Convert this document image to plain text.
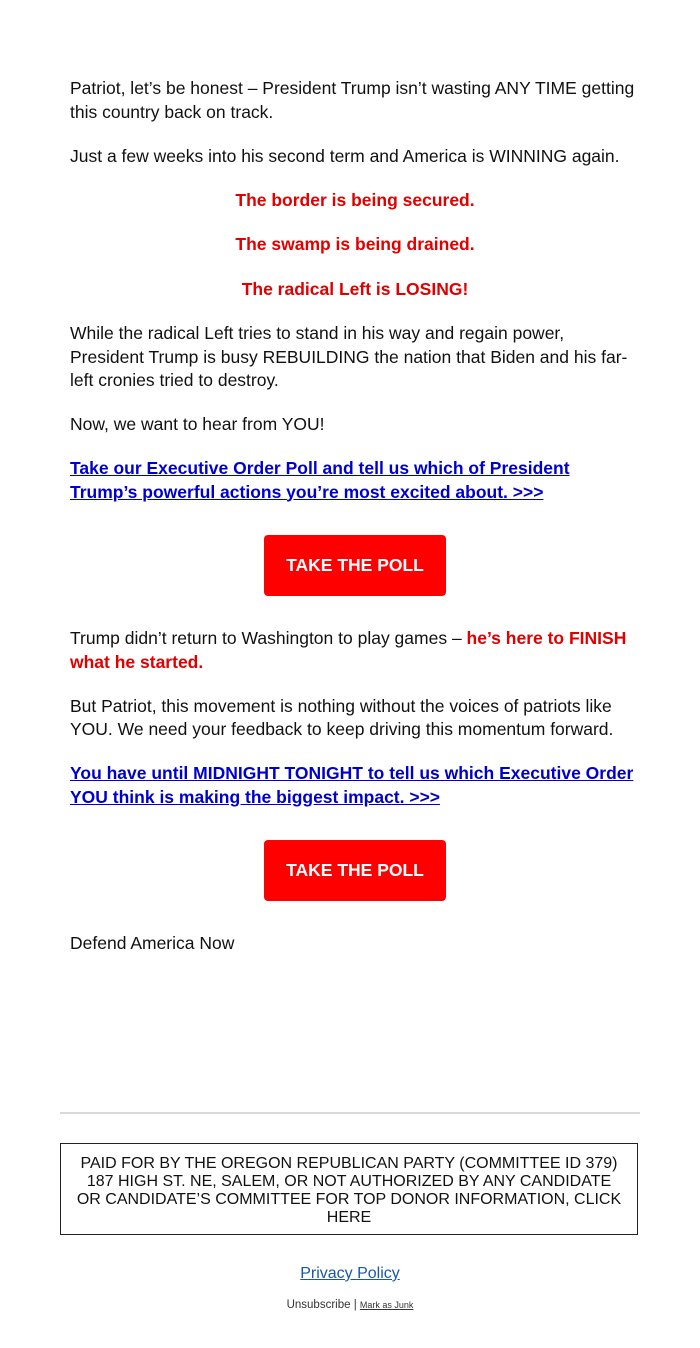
Patriot, let’s be honest – President Trump isn’t wasting ANY TIME getting this country back on track.

Just a few weeks into his second term and America is WINNING again.

The border is being secured.

The swamp is being drained.

The radical Left is LOSING!

While the radical Left tries to stand in his way and regain power, President Trump is busy REBUILDING the nation that Biden and his far-left cronies tried to destroy.

Now, we want to hear from YOU!

Take our Executive Order Poll and tell us which of President Trump’s powerful actions you’re most excited about. >>>
TAKE THE POLL

Trump didn’t return to Washington to play games – he’s here to FINISH what he started.

But Patriot, this movement is nothing without the voices of patriots like YOU. We need your feedback to keep driving this momentum forward.

You have until MIDNIGHT TONIGHT to tell us which Executive Order YOU think is making the biggest impact. >>>
TAKE THE POLL

Defend America Now

PAID FOR BY THE OREGON REPUBLICAN PARTY (COMMITTEE ID 379) 187 HIGH ST. NE, SALEM, OR NOT AUTHORIZED BY ANY CANDIDATE OR CANDIDATE’S COMMITTEE FOR TOP DONOR INFORMATION, CLICK HERE
Privacy Policy
Unsubscribe | Mark as Junk
